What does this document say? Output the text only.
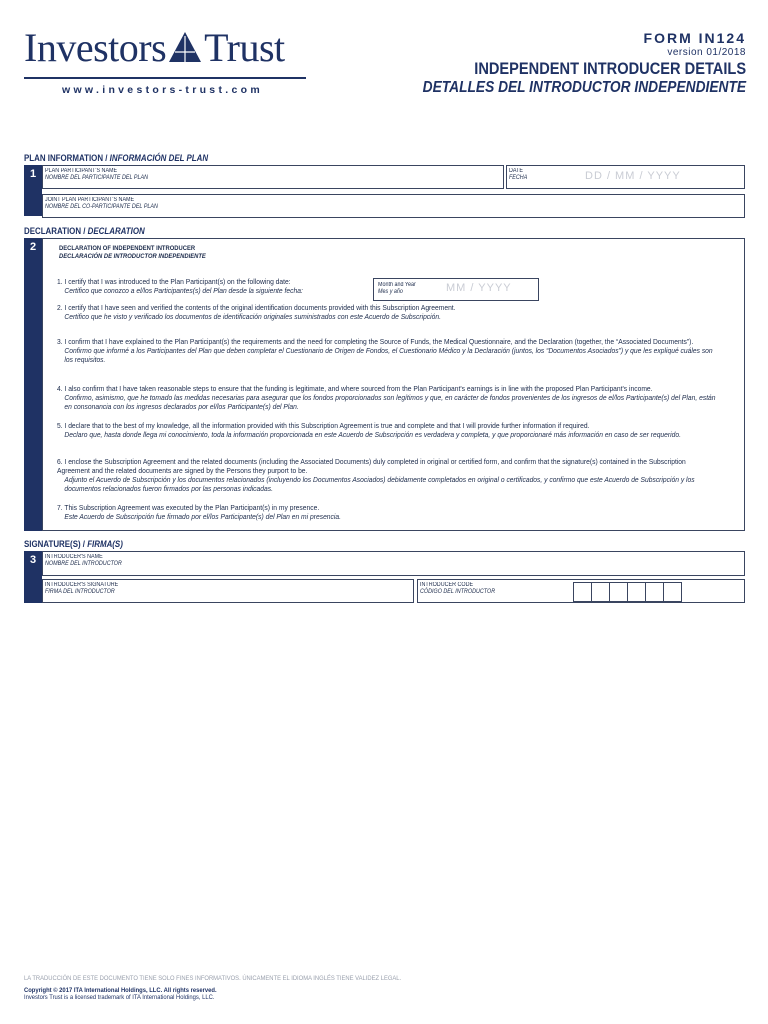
Investors Trust
www.investors-trust.com
FORM IN124
version 01/2018
INDEPENDENT INTRODUCER DETAILS
DETALLES DEL INTRODUCTOR INDEPENDIENTE
PLAN INFORMATION / INFORMACIÓN DEL PLAN
1	PLAN PARTICIPANT'S NAME
NOMBRE DEL PARTICIPANTE DEL PLAN
DATE
FECHA	DD / MM / YYYY
JOINT PLAN PARTICIPANT'S NAME
NOMBRE DEL CO-PARTICIPANTE DEL PLAN
DECLARATION / DECLARATION
2	DECLARATION OF INDEPENDENT INTRODUCER
DECLARACIÓN DE INTRODUCTOR INDEPENDIENTE
1. I certify that I was introduced to the Plan Participant(s) on the following date:
Certifico que conozco a el/los Participantes(s) del Plan desde la siguiente fecha:
Month and Year
Mes y año	MM / YYYY
2. I certify that I have seen and verified the contents of the original identification documents provided with this Subscription Agreement.
Certifico que he visto y verificado los documentos de identificación originales suministrados con este Acuerdo de Subscripción.
3. I confirm that I have explained to the Plan Participant(s) the requirements and the need for completing the Source of Funds, the Medical Questionnaire, and the Declaration (together, the “Associated Documents”).
Confirmo que informé a los Participantes del Plan que deben completar el Cuestionario de Origen de Fondos, el Cuestionario Médico y la Declaración (juntos, los “Documentos Asociados”) y que les expliqué cuáles son los requisitos.
4. I also confirm that I have taken reasonable steps to ensure that the funding is legitimate, and where sourced from the Plan Participant's earnings is in line with the proposed Plan Participant's income.
Confirmo, asimismo, que he tomado las medidas necesarias para asegurar que los fondos proporcionados son legítimos y que, en carácter de fondos provenientes de los ingresos de el/los Participante(s) del Plan, están en consonancia con los ingresos declarados por el/los Participante(s) del Plan.
5. I declare that to the best of my knowledge, all the information provided with this Subscription Agreement is true and complete and that I will provide further information if required.
Declaro que, hasta donde llega mi conocimiento, toda la información proporcionada en este Acuerdo de Subscripción es verdadera y completa, y que proporcionaré más información en caso de ser requerido.
6. I enclose the Subscription Agreement and the related documents (including the Associated Documents) duly completed in original or certified form, and confirm that the signature(s) contained in the Subscription Agreement and the related documents are signed by the Persons they purport to be.
Adjunto el Acuerdo de Subscripción y los documentos relacionados (incluyendo los Documentos Asociados) debidamente completados en original o certificados, y confirmo que este Acuerdo de Subscripción y los documentos relacionados fueron firmados por las personas indicadas.
7. This Subscription Agreement was executed by the Plan Participant(s) in my presence.
Este Acuerdo de Subscripción fue firmado por el/los Participante(s) del Plan en mi presencia.
SIGNATURE(S) / FIRMA(S)
3	INTRODUCER'S NAME
NOMBRE DEL INTRODUCTOR
INTRODUCER'S SIGNATURE
FIRMA DEL INTRODUCTOR
INTRODUCER CODE
CÓDIGO DEL INTRODUCTOR
LA TRADUCCIÓN DE ESTE DOCUMENTO TIENE SOLO FINES INFORMATIVOS. ÚNICAMENTE EL IDIOMA INGLÉS TIENE VALIDEZ LEGAL.
Copyright © 2017 ITA International Holdings, LLC. All rights reserved.
Investors Trust is a licensed trademark of ITA International Holdings, LLC.
